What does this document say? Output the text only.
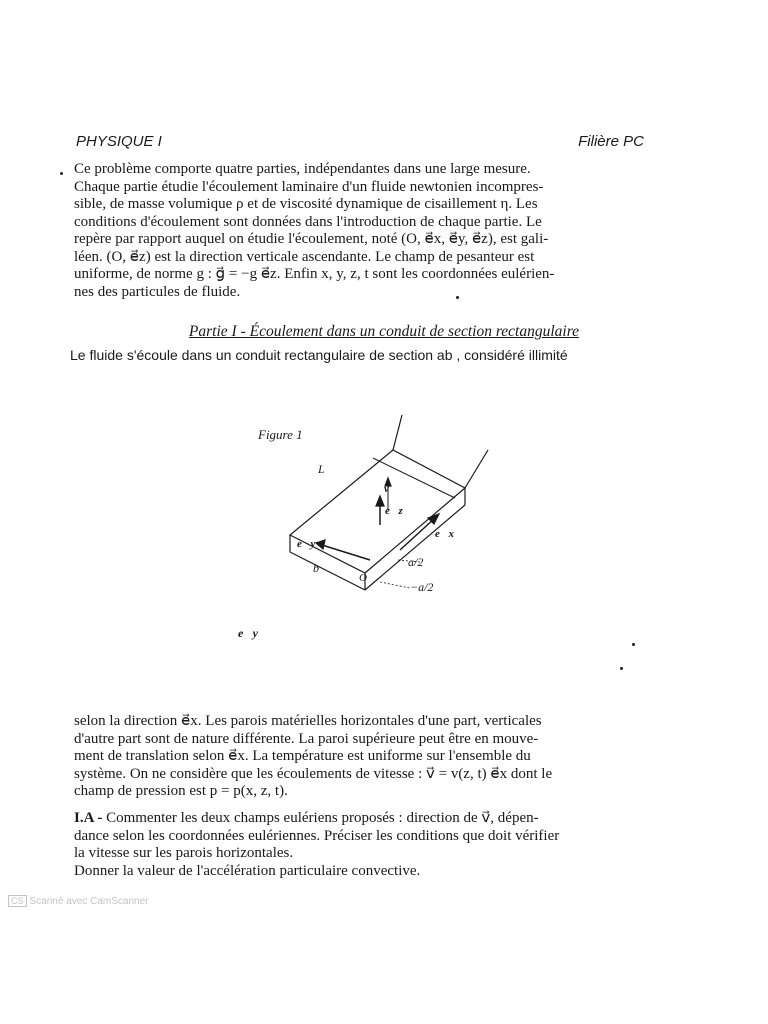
PHYSIQUE I	Filière PC
Ce problème comporte quatre parties, indépendantes dans une large mesure.
Chaque partie étudie l'écoulement laminaire d'un fluide newtonien incompres-
sible, de masse volumique ρ et de viscosité dynamique de cisaillement η. Les
conditions d'écoulement sont données dans l'introduction de chaque partie. Le
repère par rapport auquel on étudie l'écoulement, noté (O, e⃗x, e⃗y, e⃗z), est gali-
léen. (O, e⃗z) est la direction verticale ascendante. Le champ de pesanteur est
uniforme, de norme g : g⃗ = −g e⃗z. Enfin x, y, z, t sont les coordonnées eulérien-
nes des particules de fluide.
Partie I - Écoulement dans un conduit de section rectangulaire
Le fluide s'écoule dans un conduit rectangulaire de section ab , considéré illimité
Figure 1
L
v⃗
e⃗z
e⃗x
e⃗y
b
O
a/2
−a/2
e⃗y
selon la direction e⃗x. Les parois matérielles horizontales d'une part, verticales
d'autre part sont de nature différente. La paroi supérieure peut être en mouve-
ment de translation selon e⃗x. La température est uniforme sur l'ensemble du
système. On ne considère que les écoulements de vitesse : v⃗ = v(z, t) e⃗x dont le
champ de pression est p = p(x, z, t).
I.A - Commenter les deux champs eulériens proposés : direction de v⃗, dépen-
dance selon les coordonnées eulériennes. Préciser les conditions que doit vérifier
la vitesse sur les parois horizontales.
Donner la valeur de l'accélération particulaire convective.
CS Scanné avec CamScanner
